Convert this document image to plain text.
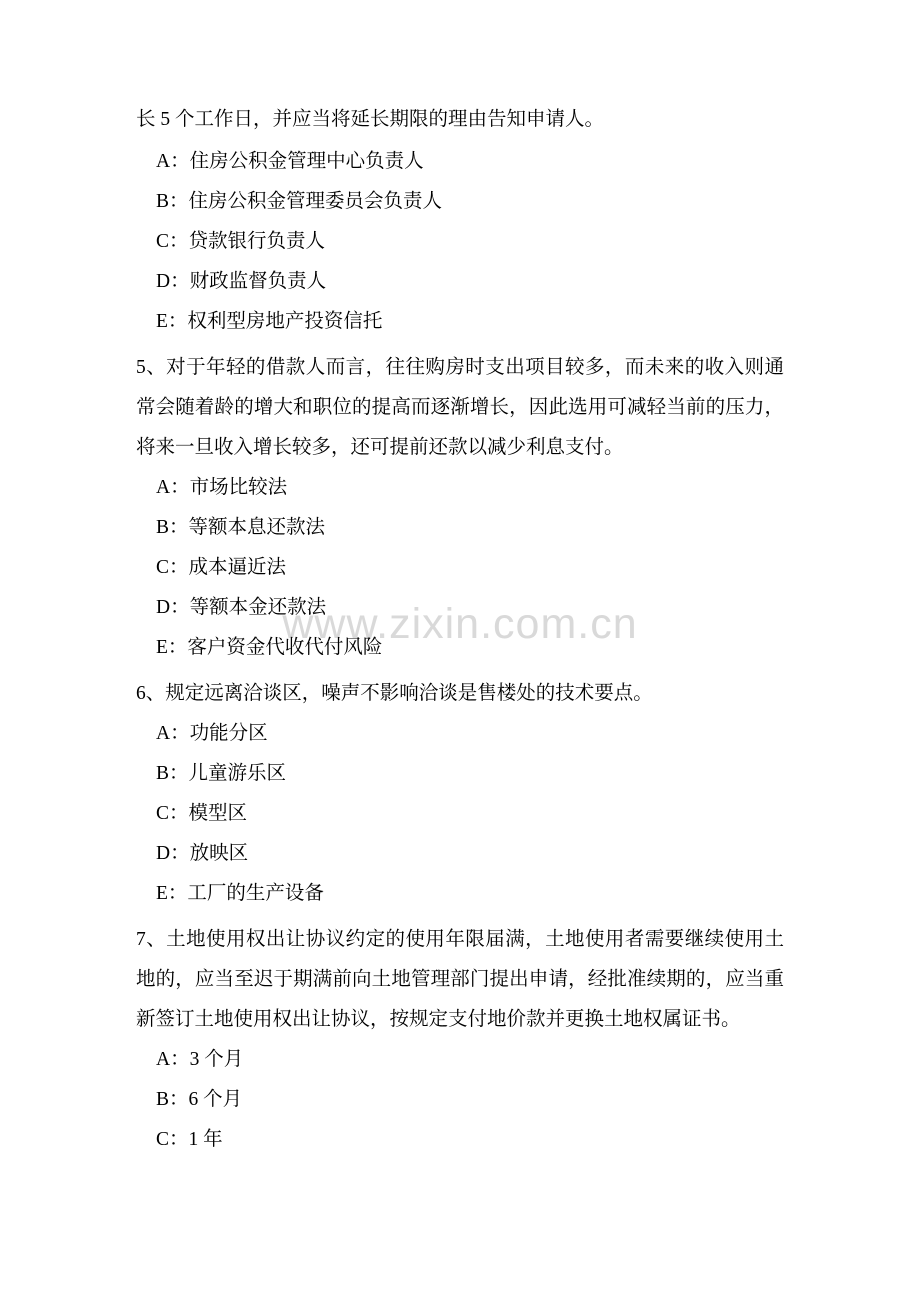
www.zixin.com.cn

长 5 个工作日，并应当将延长期限的理由告知申请人。

A：住房公积金管理中心负责人

B：住房公积金管理委员会负责人

C：贷款银行负责人

D：财政监督负责人

E：权利型房地产投资信托

5、对于年轻的借款人而言，往往购房时支出项目较多，而未来的收入则通常会随着龄的增大和职位的提高而逐渐增长，因此选用可减轻当前的压力，将来一旦收入增长较多，还可提前还款以减少利息支付。

A：市场比较法

B：等额本息还款法

C：成本逼近法

D：等额本金还款法

E：客户资金代收代付风险

6、规定远离洽谈区，噪声不影响洽谈是售楼处的技术要点。

A：功能分区

B：儿童游乐区

C：模型区

D：放映区

E：工厂的生产设备

7、土地使用权出让协议约定的使用年限届满，土地使用者需要继续使用土地的，应当至迟于期满前向土地管理部门提出申请，经批准续期的，应当重新签订土地使用权出让协议，按规定支付地价款并更换土地权属证书。

A：3 个月

B：6 个月

C：1 年
